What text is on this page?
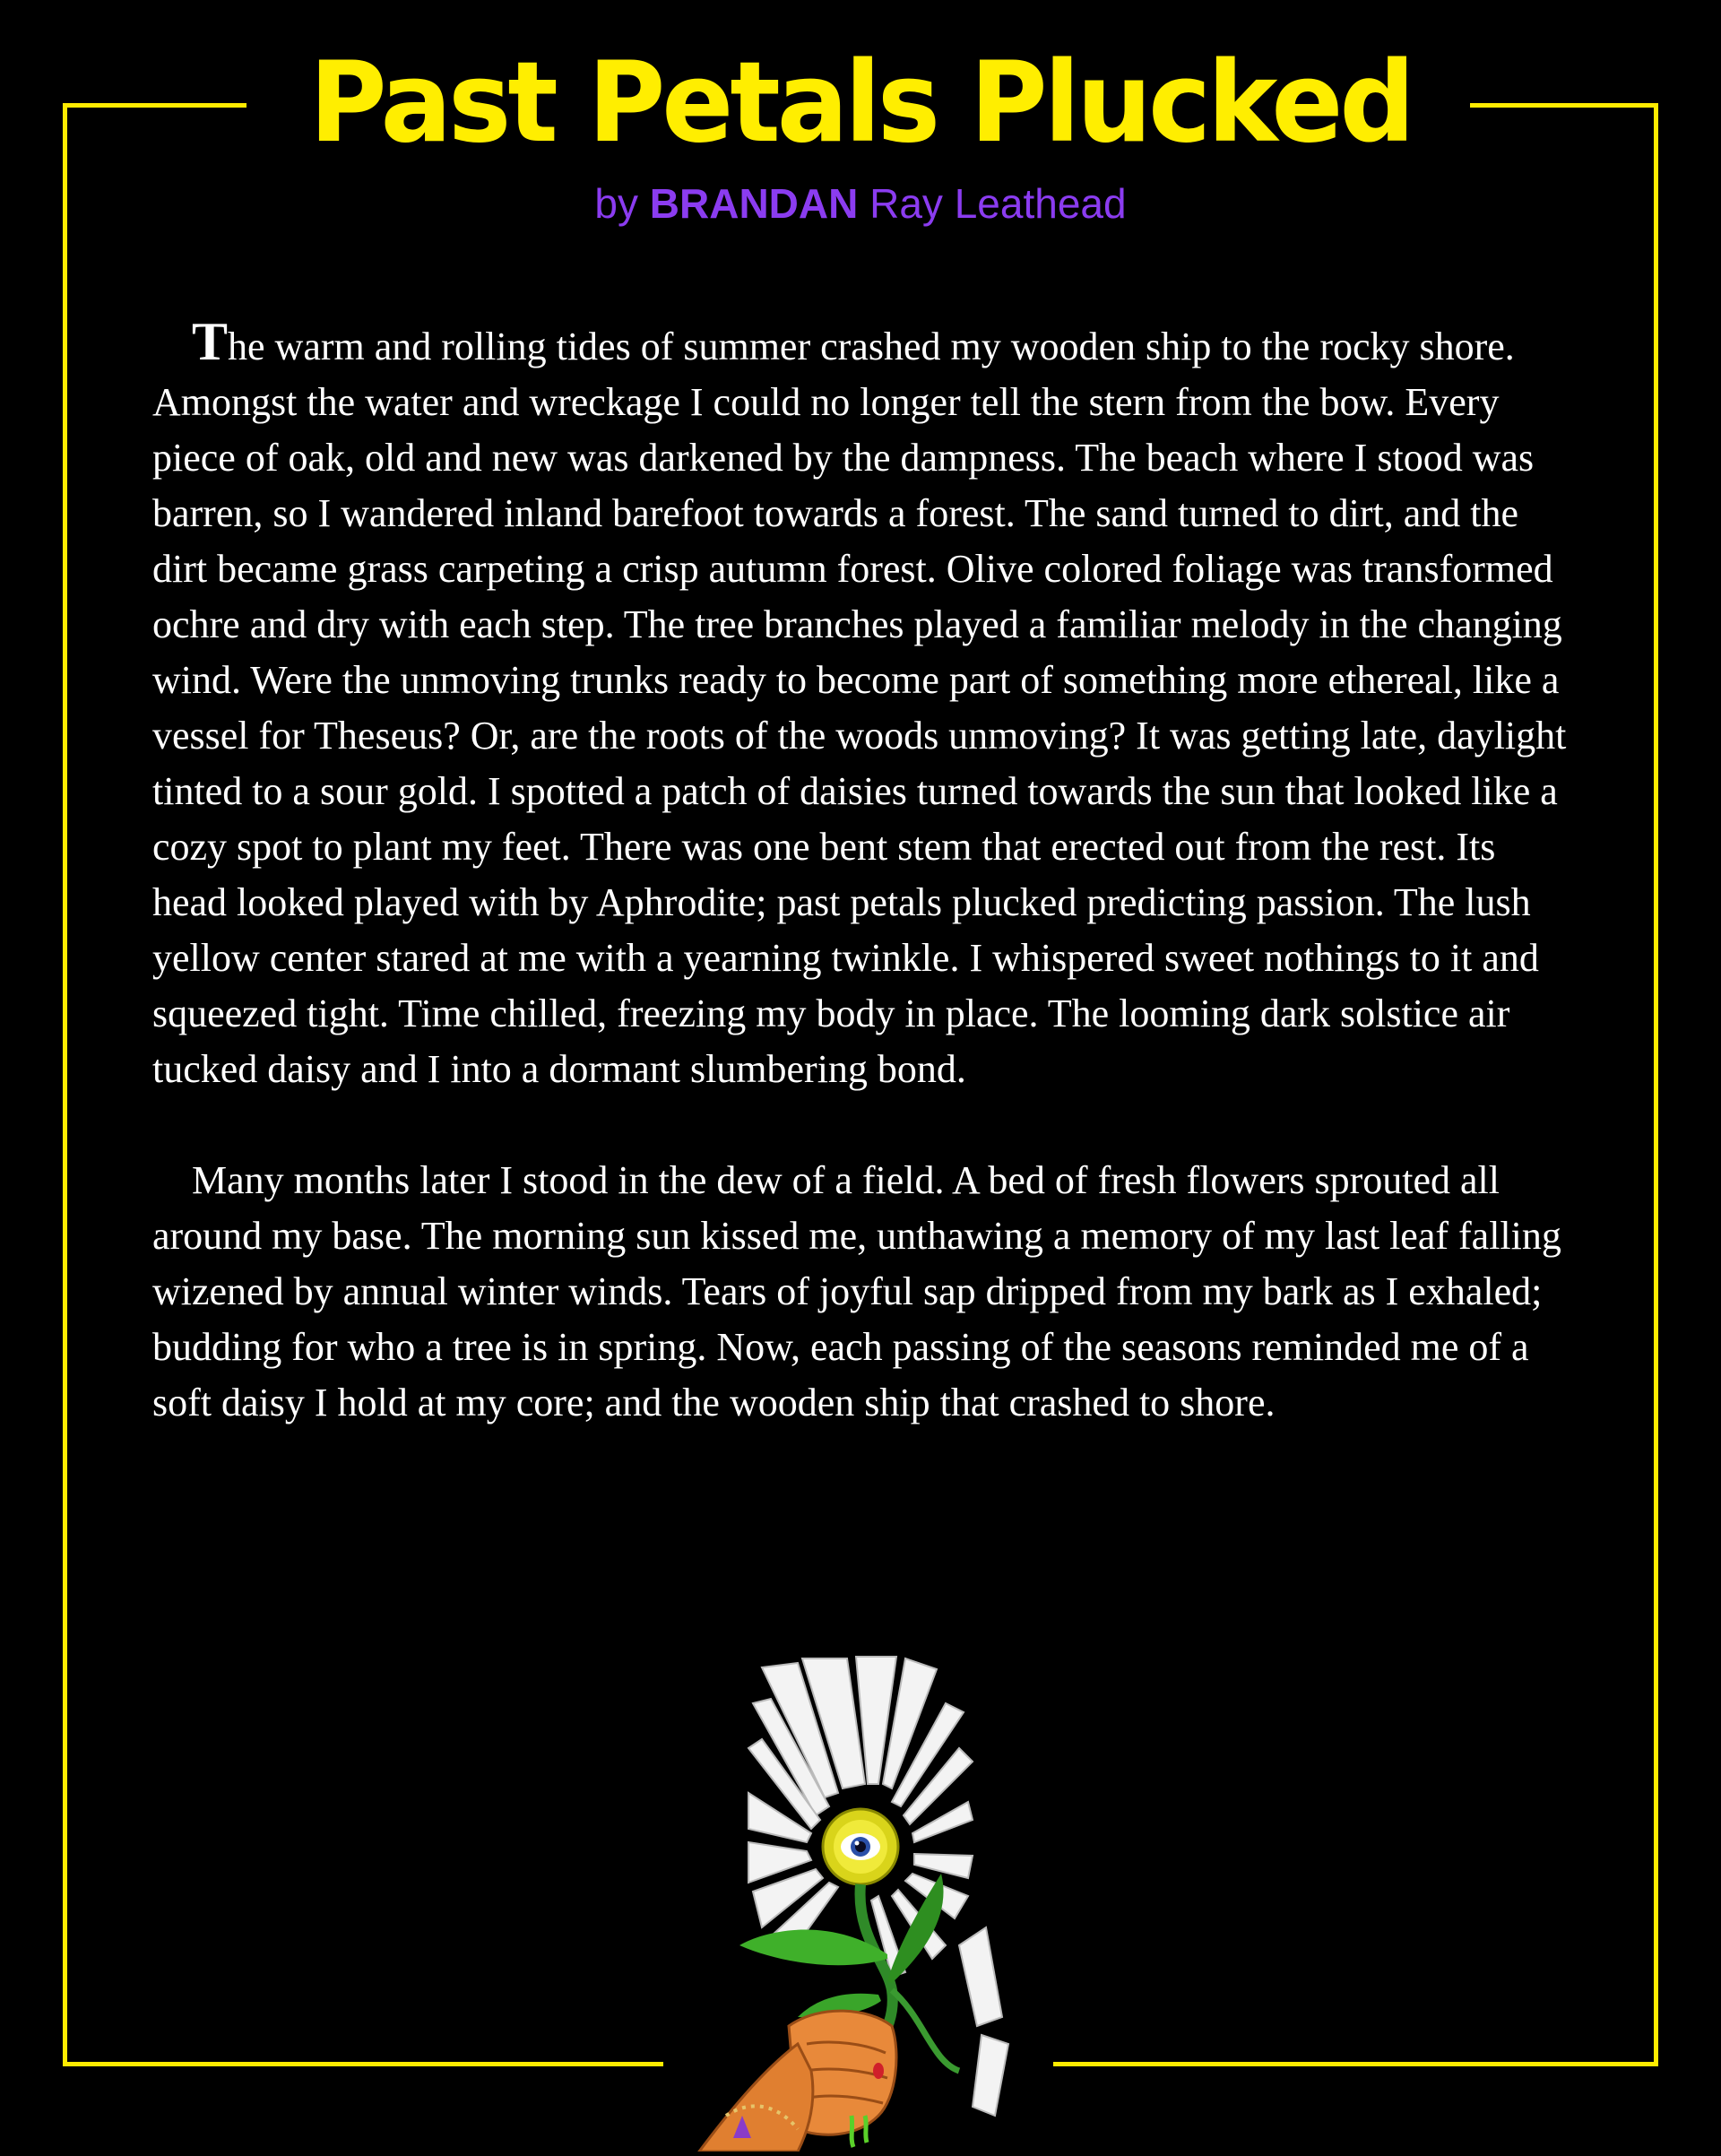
Past Petals Plucked
by BRANDAN Ray Leathead

The warm and rolling tides of summer crashed my wooden ship to the rocky shore. Amongst the water and wreckage I could no longer tell the stern from the bow. Every piece of oak, old and new was darkened by the dampness. The beach where I stood was barren, so I wandered inland barefoot towards a forest. The sand turned to dirt, and the dirt became grass carpeting a crisp autumn forest. Olive colored foliage was transformed ochre and dry with each step. The tree branches played a familiar melody in the changing wind. Were the unmoving trunks ready to become part of something more ethereal, like a vessel for Theseus? Or, are the roots of the woods unmoving? It was getting late, daylight tinted to a sour gold. I spotted a patch of daisies turned towards the sun that looked like a cozy spot to plant my feet. There was one bent stem that erected out from the rest. Its head looked played with by Aphrodite; past petals plucked predicting passion. The lush yellow center stared at me with a yearning twinkle. I whispered sweet nothings to it and squeezed tight. Time chilled, freezing my body in place. The looming dark solstice air tucked daisy and I into a dormant slumbering bond.

Many months later I stood in the dew of a field. A bed of fresh flowers sprouted all around my base. The morning sun kissed me, unthawing a memory of my last leaf falling wizened by annual winter winds. Tears of joyful sap dripped from my bark as I exhaled; budding for who a tree is in spring. Now, each passing of the seasons reminded me of a soft daisy I hold at my core; and the wooden ship that crashed to shore.
